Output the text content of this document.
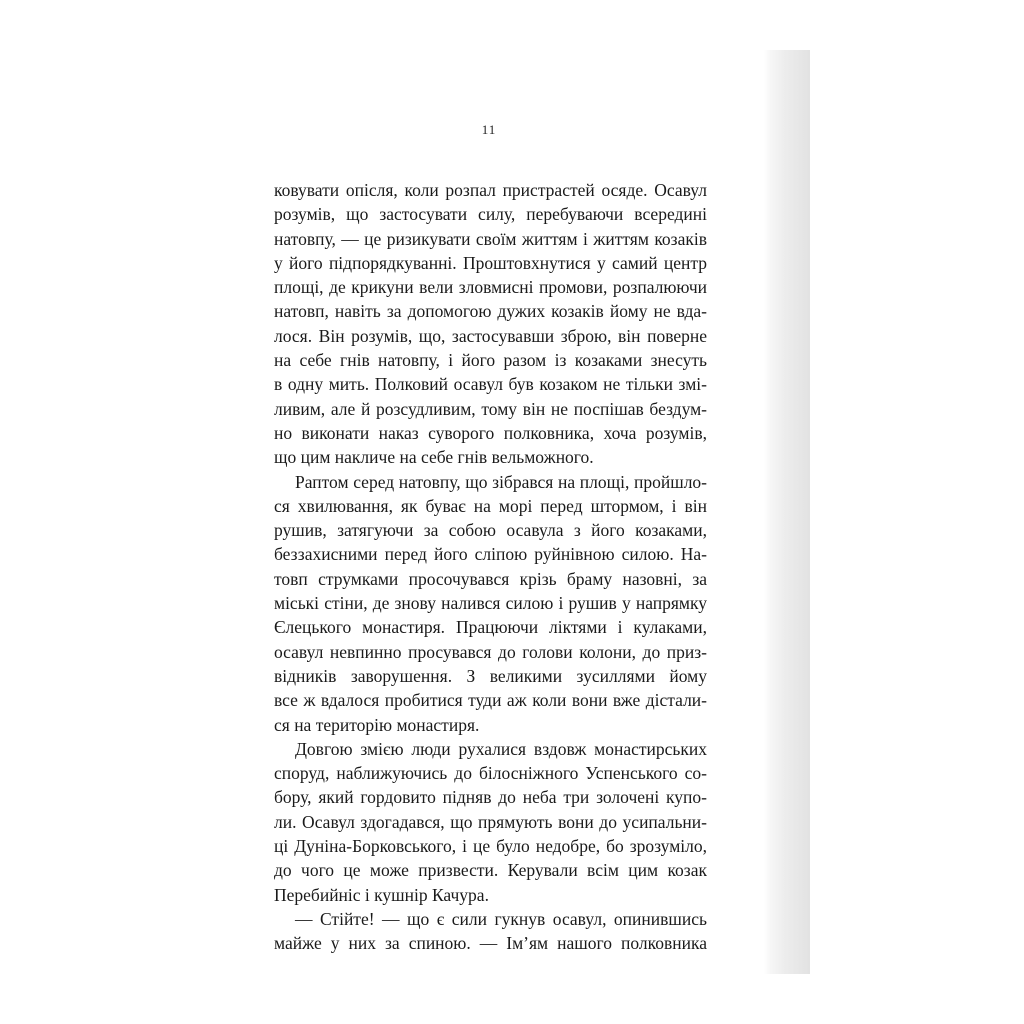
11
ковувати опісля, коли розпал пристрастей осяде. Осавул
розумів, що застосувати силу, перебуваючи всередині
натовпу, — це ризикувати своїм життям і життям козаків
у його підпорядкуванні. Проштовхнутися у самий центр
площі, де крикуни вели зловмисні промови, розпалюючи
натовп, навіть за допомогою дужих козаків йому не вда-
лося. Він розумів, що, застосувавши зброю, він поверне
на себе гнів натовпу, і його разом із козаками знесуть
в одну мить. Полковий осавул був козаком не тільки змі-
ливим, але й розсудливим, тому він не поспішав бездум-
но виконати наказ суворого полковника, хоча розумів,
що цим накличе на себе гнів вельможного.
Раптом серед натовпу, що зібрався на площі, пройшло-
ся хвилювання, як буває на морі перед штормом, і він
рушив, затягуючи за собою осавула з його козаками,
беззахисними перед його сліпою руйнівною силою. На-
товп струмками просочувався крізь браму назовні, за
міські стіни, де знову налився силою і рушив у напрямку
Єлецького монастиря. Працюючи ліктями і кулаками,
осавул невпинно просувався до голови колони, до приз-
відників заворушення. З великими зусиллями йому
все ж вдалося пробитися туди аж коли вони вже дістали-
ся на територію монастиря.
Довгою змією люди рухалися вздовж монастирських
споруд, наближуючись до білосніжного Успенського со-
бору, який гордовито підняв до неба три золочені купо-
ли. Осавул здогадався, що прямують вони до усипальни-
ці Дуніна-Борковського, і це було недобре, бо зрозуміло,
до чого це може призвести. Керували всім цим козак
Перебийніс і кушнір Качура.
— Стійте! — що є сили гукнув осавул, опинившись
майже у них за спиною. — Ім’ям нашого полковника
